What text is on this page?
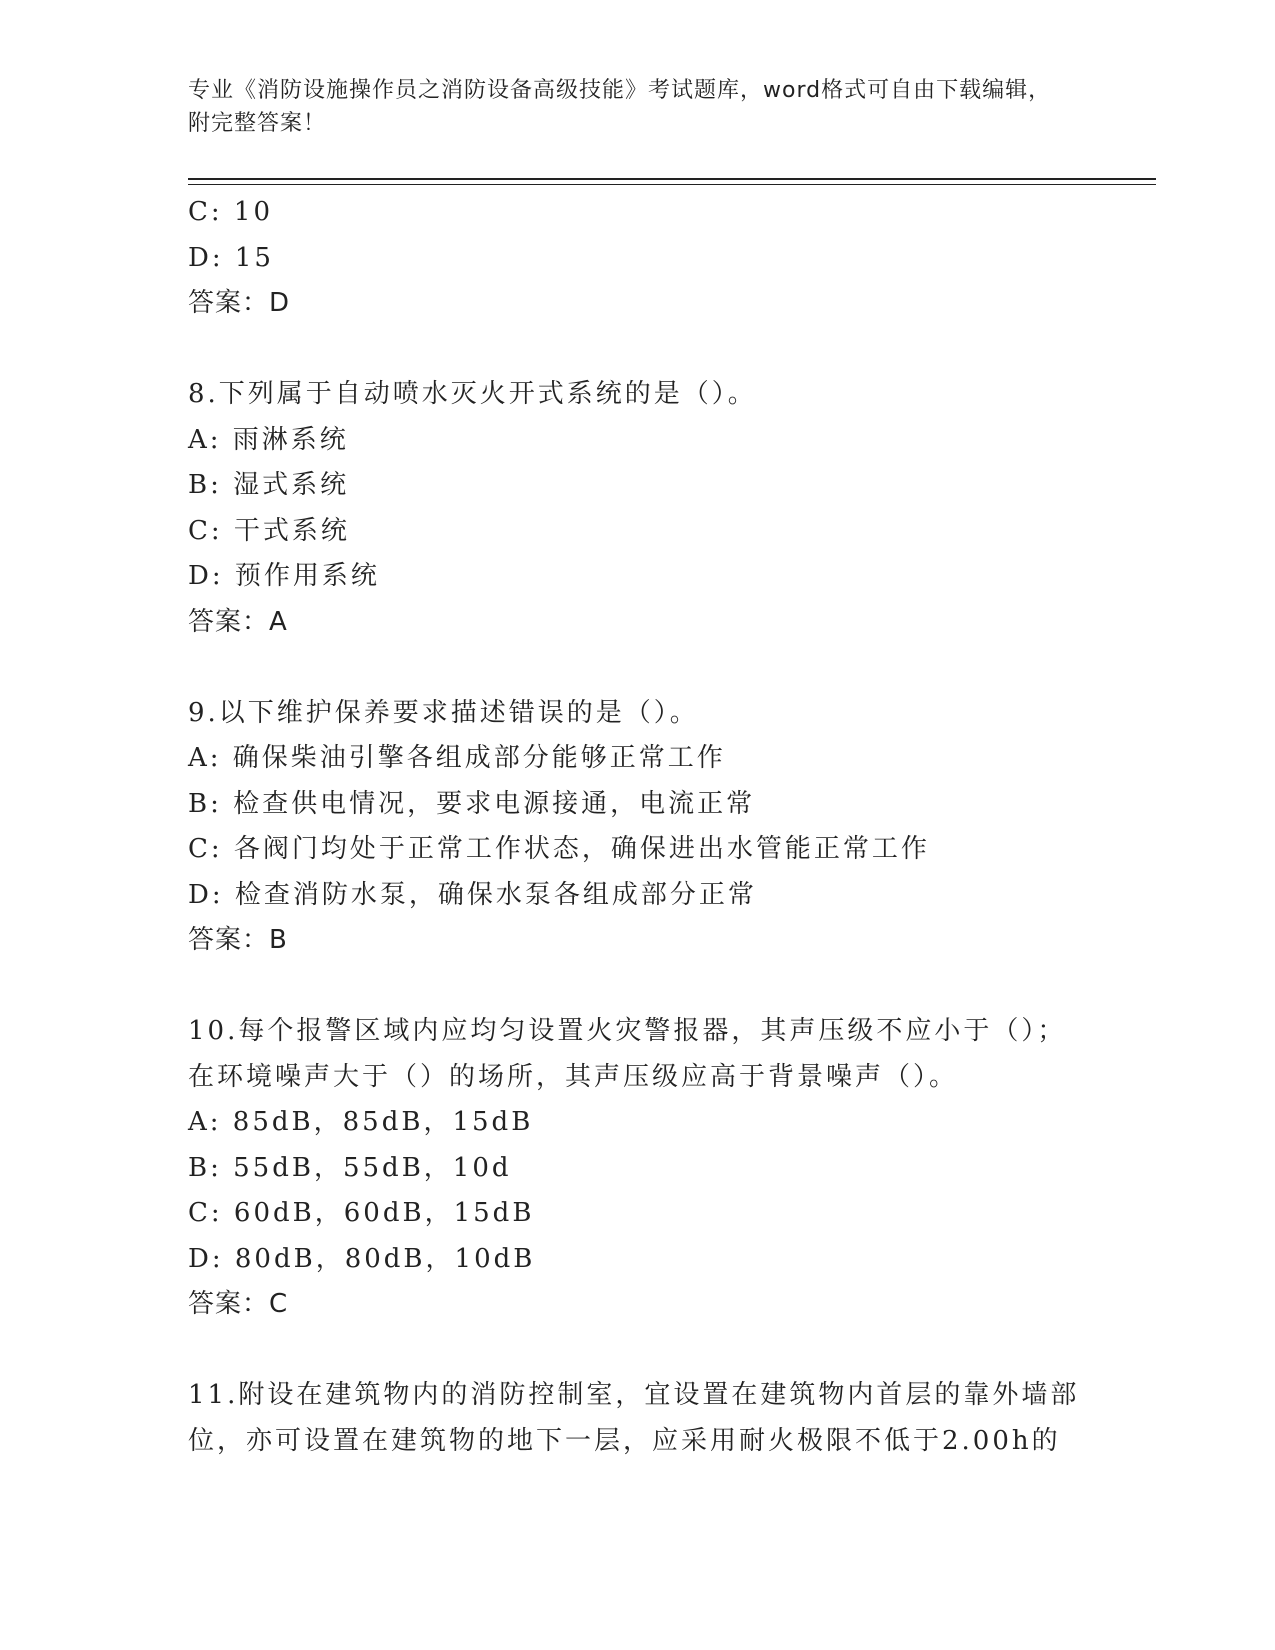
专业《消防设施操作员之消防设备高级技能》考试题库，word格式可自由下载编辑，附完整答案！
C: 10
D: 15
答案：D
8.下列属于自动喷水灭火开式系统的是（）。
A: 雨淋系统
B: 湿式系统
C: 干式系统
D: 预作用系统
答案：A
9.以下维护保养要求描述错误的是（）。
A: 确保柴油引擎各组成部分能够正常工作
B: 检查供电情况，要求电源接通，电流正常
C: 各阀门均处于正常工作状态，确保进出水管能正常工作
D: 检查消防水泵，确保水泵各组成部分正常
答案：B
10.每个报警区域内应均匀设置火灾警报器，其声压级不应小于（）；
在环境噪声大于（）的场所，其声压级应高于背景噪声（）。
A: 85dB，85dB，15dB
B: 55dB，55dB，10d
C: 60dB，60dB，15dB
D: 80dB，80dB，10dB
答案：C
11.附设在建筑物内的消防控制室，宜设置在建筑物内首层的靠外墙部
位，亦可设置在建筑物的地下一层，应采用耐火极限不低于2.00h的
